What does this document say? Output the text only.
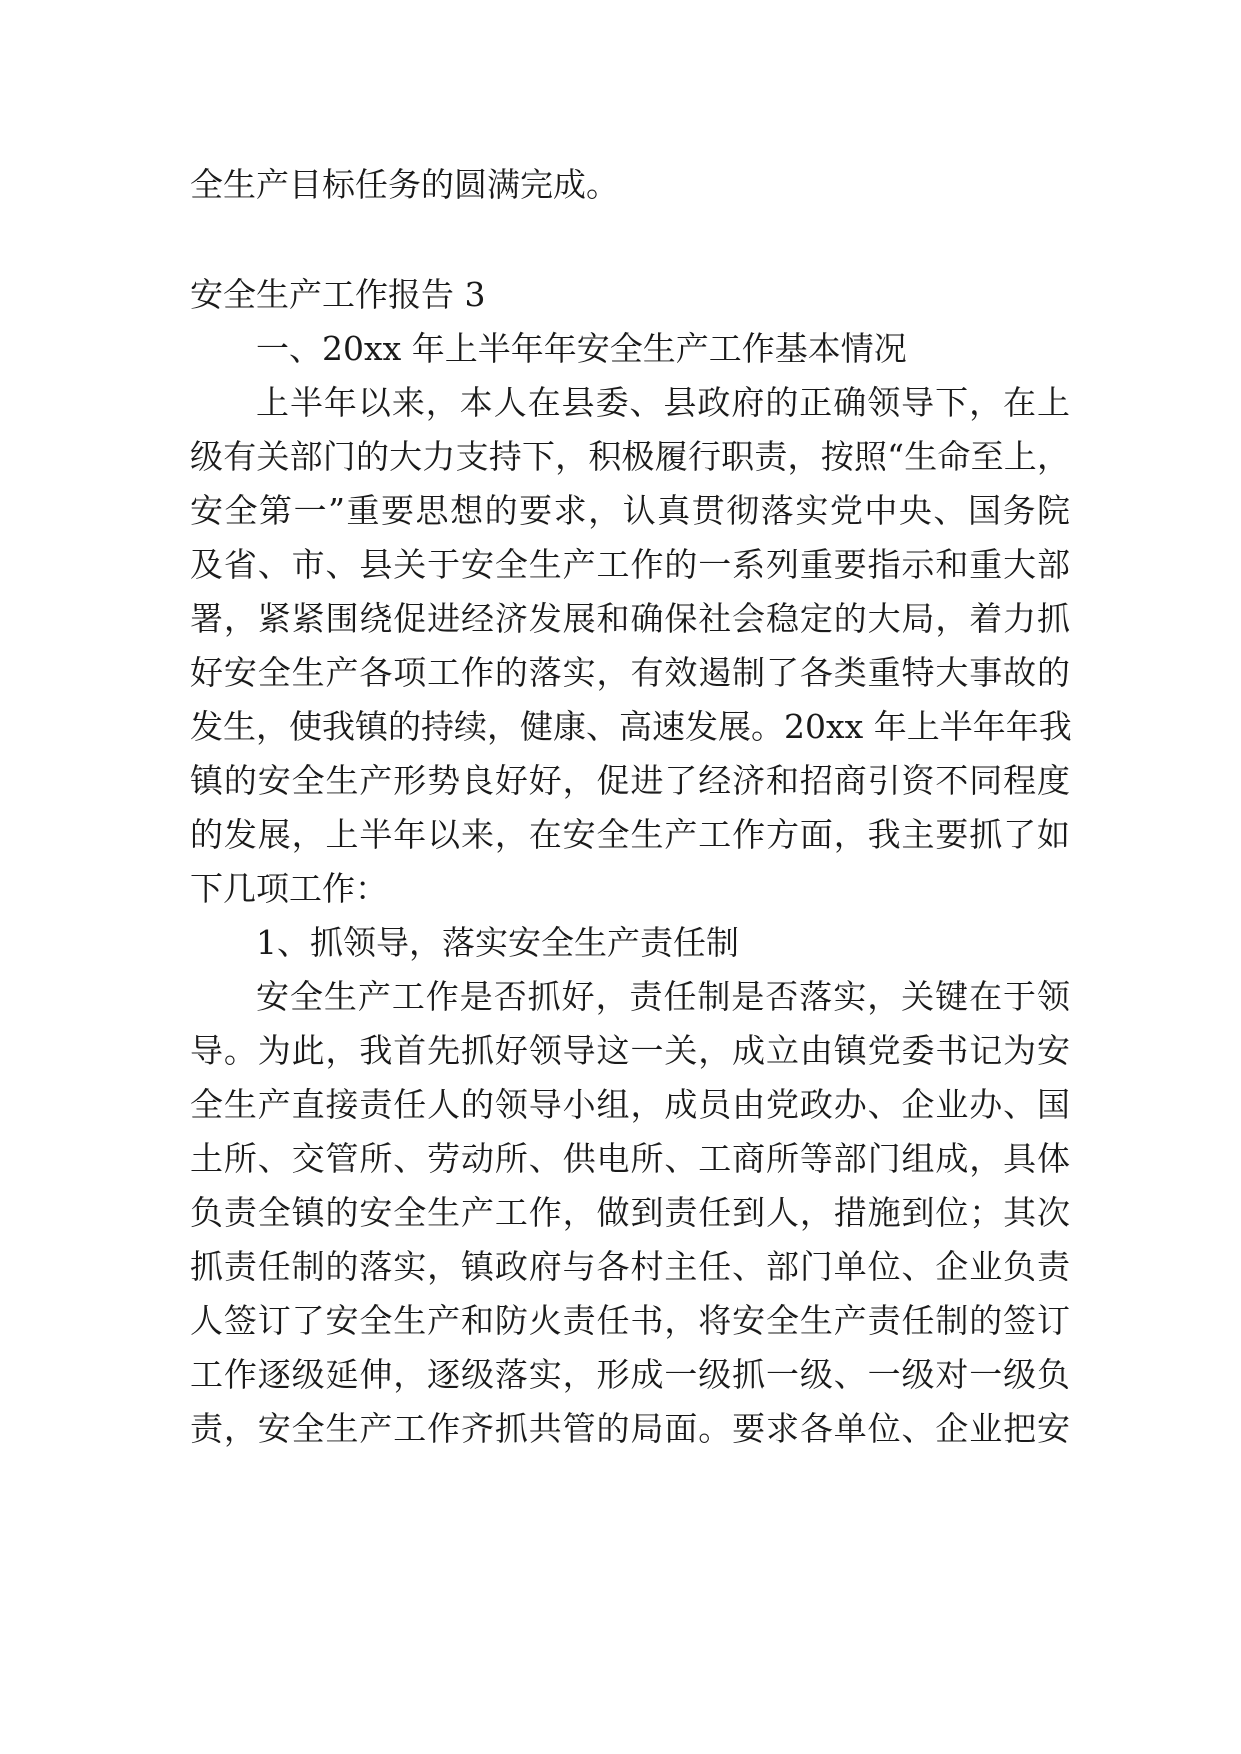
全生产目标任务的圆满完成。
安全生产工作报告 3
一、20xx 年上半年年安全生产工作基本情况
上半年以来，本人在县委、县政府的正确领导下，在上
级有关部门的大力支持下，积极履行职责，按照“生命至上，
安全第一”重要思想的要求，认真贯彻落实党中央、国务院
及省、市、县关于安全生产工作的一系列重要指示和重大部
署，紧紧围绕促进经济发展和确保社会稳定的大局，着力抓
好安全生产各项工作的落实，有效遏制了各类重特大事故的
发生，使我镇的持续，健康、高速发展。20xx 年上半年年我
镇的安全生产形势良好好，促进了经济和招商引资不同程度
的发展，上半年以来，在安全生产工作方面，我主要抓了如
下几项工作：
1、抓领导，落实安全生产责任制
安全生产工作是否抓好，责任制是否落实，关键在于领
导。为此，我首先抓好领导这一关，成立由镇党委书记为安
全生产直接责任人的领导小组，成员由党政办、企业办、国
土所、交管所、劳动所、供电所、工商所等部门组成，具体
负责全镇的安全生产工作，做到责任到人，措施到位；其次
抓责任制的落实，镇政府与各村主任、部门单位、企业负责
人签订了安全生产和防火责任书，将安全生产责任制的签订
工作逐级延伸，逐级落实，形成一级抓一级、一级对一级负
责，安全生产工作齐抓共管的局面。要求各单位、企业把安
